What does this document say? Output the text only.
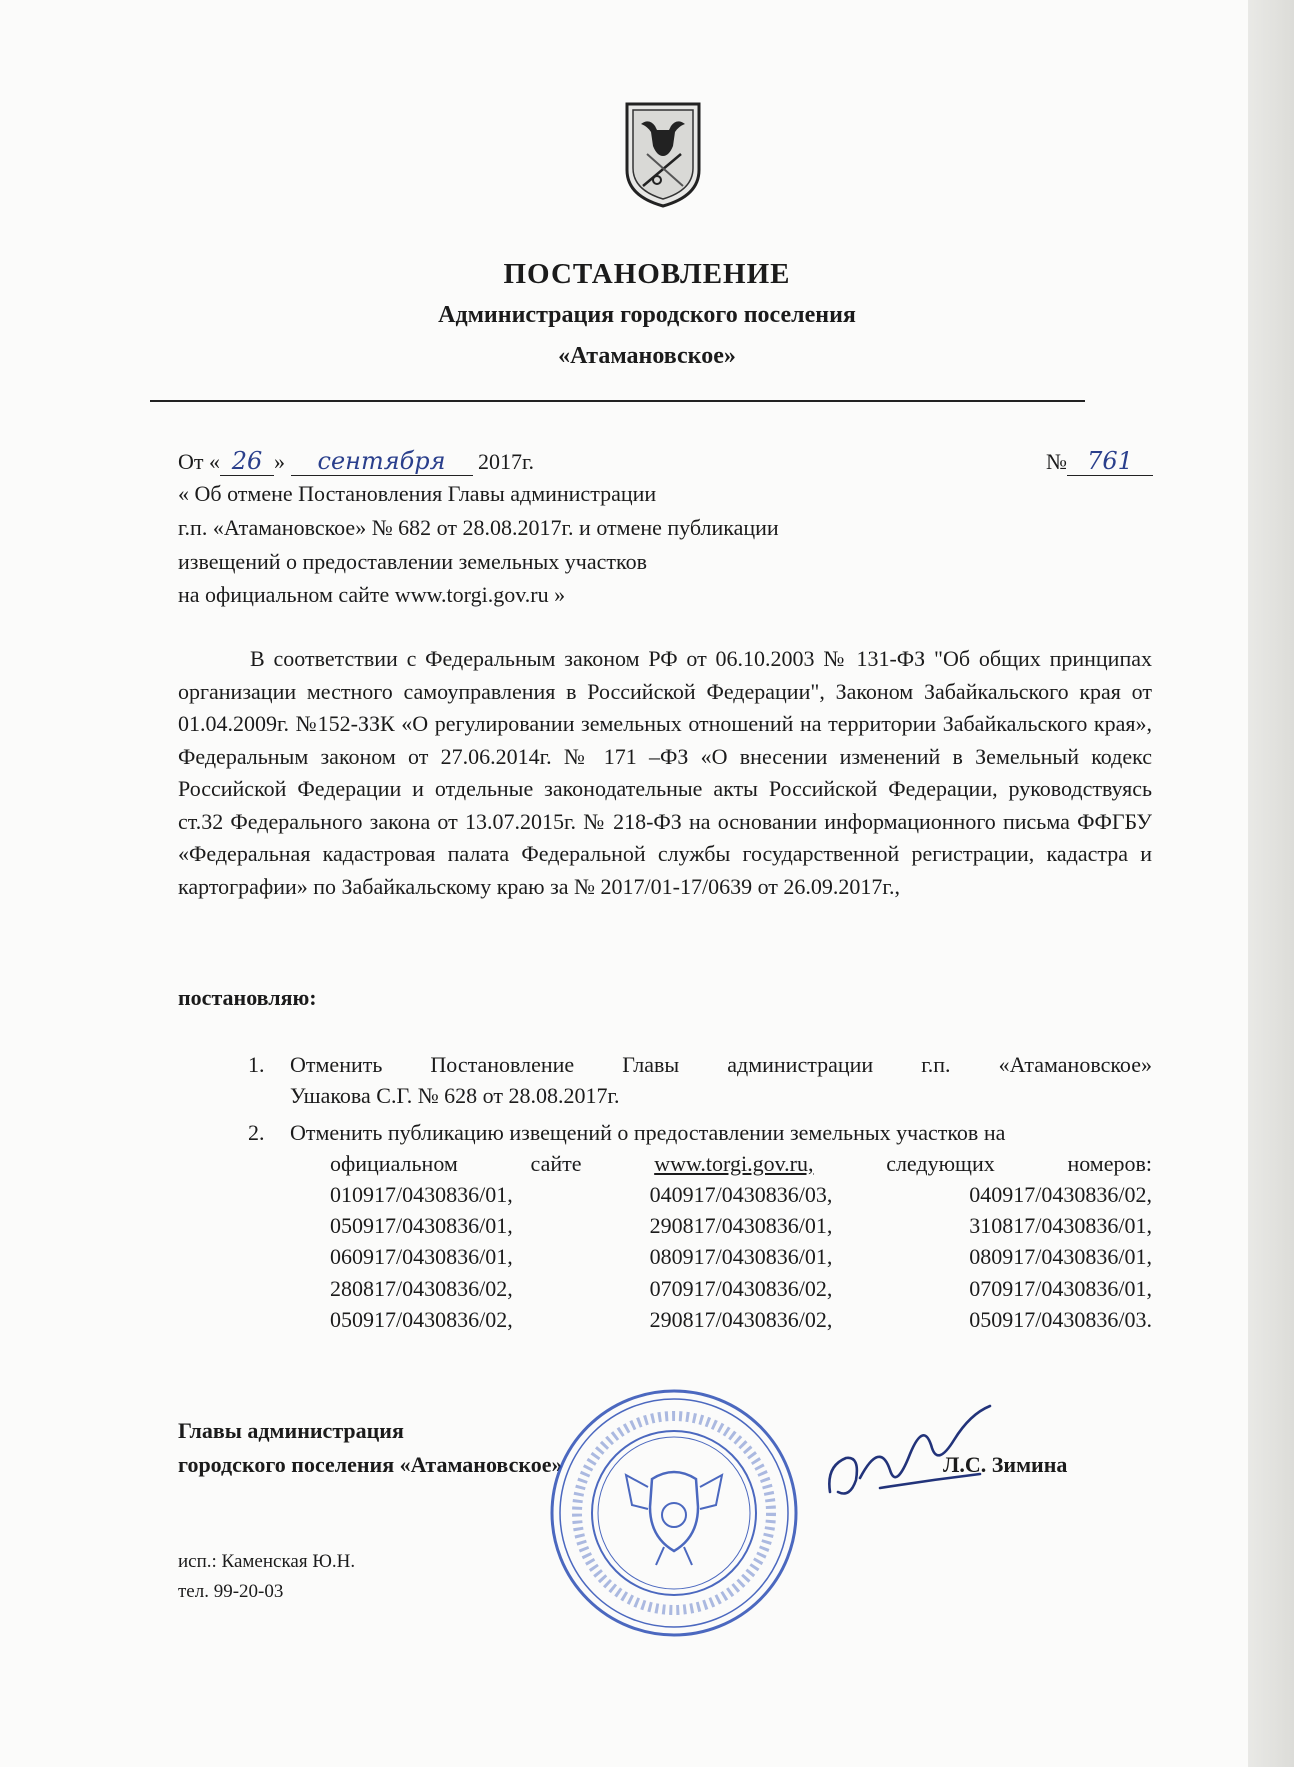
ПОСТАНОВЛЕНИЕ
Администрация городского поселения
«Атамановское»
От « 26 » сентября 2017г.	№ 761
« Об отмене Постановления Главы администрации
г.п. «Атамановское» № 682 от 28.08.2017г. и отмене публикации
извещений о предоставлении земельных участков
на официальном сайте www.torgi.gov.ru »

В соответствии с Федеральным законом РФ от 06.10.2003 № 131-ФЗ "Об общих принципах организации местного самоуправления в Российской Федерации", Законом Забайкальского края от 01.04.2009г. №152-ЗЗК «О регулировании земельных отношений на территории Забайкальского края», Федеральным законом от 27.06.2014г. № 171 –ФЗ «О внесении изменений в Земельный кодекс Российской Федерации и отдельные законодательные акты Российской Федерации, руководствуясь ст.32 Федерального закона от 13.07.2015г. № 218-ФЗ на основании информационного письма ФФГБУ «Федеральная кадастровая палата Федеральной службы государственной регистрации, кадастра и картографии» по Забайкальскому краю за № 2017/01-17/0639 от 26.09.2017г.,

постановляю:
1. Отменить Постановление Главы администрации г.п. «Атамановское»
Ушакова С.Г. № 628 от 28.08.2017г.
2. Отменить публикацию извещений о предоставлении земельных участков на
официальном	сайте	www.torgi.gov.ru,	следующих	номеров:
010917/0430836/01,	040917/0430836/03,	040917/0430836/02,
050917/0430836/01,	290817/0430836/01,	310817/0430836/01,
060917/0430836/01,	080917/0430836/01,	080917/0430836/01,
280817/0430836/02,	070917/0430836/02,	070917/0430836/01,
050917/0430836/02,	290817/0430836/02,	050917/0430836/03.
Главы администрация
городского поселения «Атамановское»	Л.С. Зимина
исп.: Каменская Ю.Н.
тел. 99-20-03
